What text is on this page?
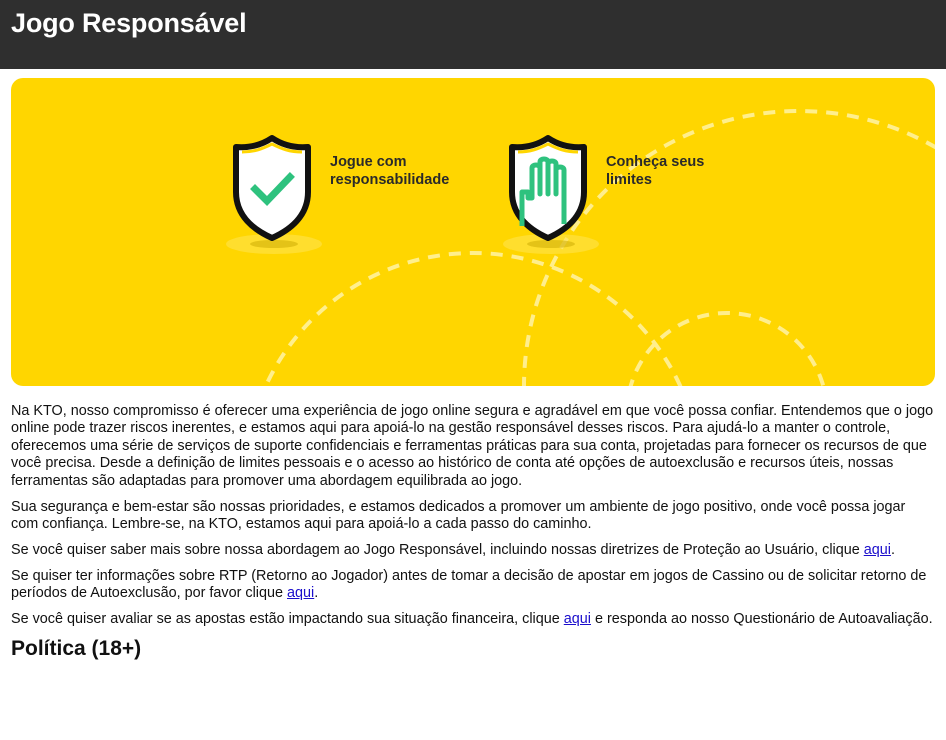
Jogo Responsável
Jogue com
responsabilidade
Conheça seus
limites

Na KTO, nosso compromisso é oferecer uma experiência de jogo online segura e agradável em que você possa confiar. Entendemos que o jogo online pode trazer riscos inerentes, e estamos aqui para apoiá-lo na gestão responsável desses riscos. Para ajudá-lo a manter o controle, oferecemos uma série de serviços de suporte confidenciais e ferramentas práticas para sua conta, projetadas para fornecer os recursos de que você precisa. Desde a definição de limites pessoais e o acesso ao histórico de conta até opções de autoexclusão e recursos úteis, nossas ferramentas são adaptadas para promover uma abordagem equilibrada ao jogo.

Sua segurança e bem-estar são nossas prioridades, e estamos dedicados a promover um ambiente de jogo positivo, onde você possa jogar com confiança. Lembre-se, na KTO, estamos aqui para apoiá-lo a cada passo do caminho.

Se você quiser saber mais sobre nossa abordagem ao Jogo Responsável, incluindo nossas diretrizes de Proteção ao Usuário, clique aqui.

Se quiser ter informações sobre RTP (Retorno ao Jogador) antes de tomar a decisão de apostar em jogos de Cassino ou de solicitar retorno de períodos de Autoexclusão, por favor clique aqui.

Se você quiser avaliar se as apostas estão impactando sua situação financeira, clique aqui e responda ao nosso Questionário de Autoavaliação.

Política (18+)
